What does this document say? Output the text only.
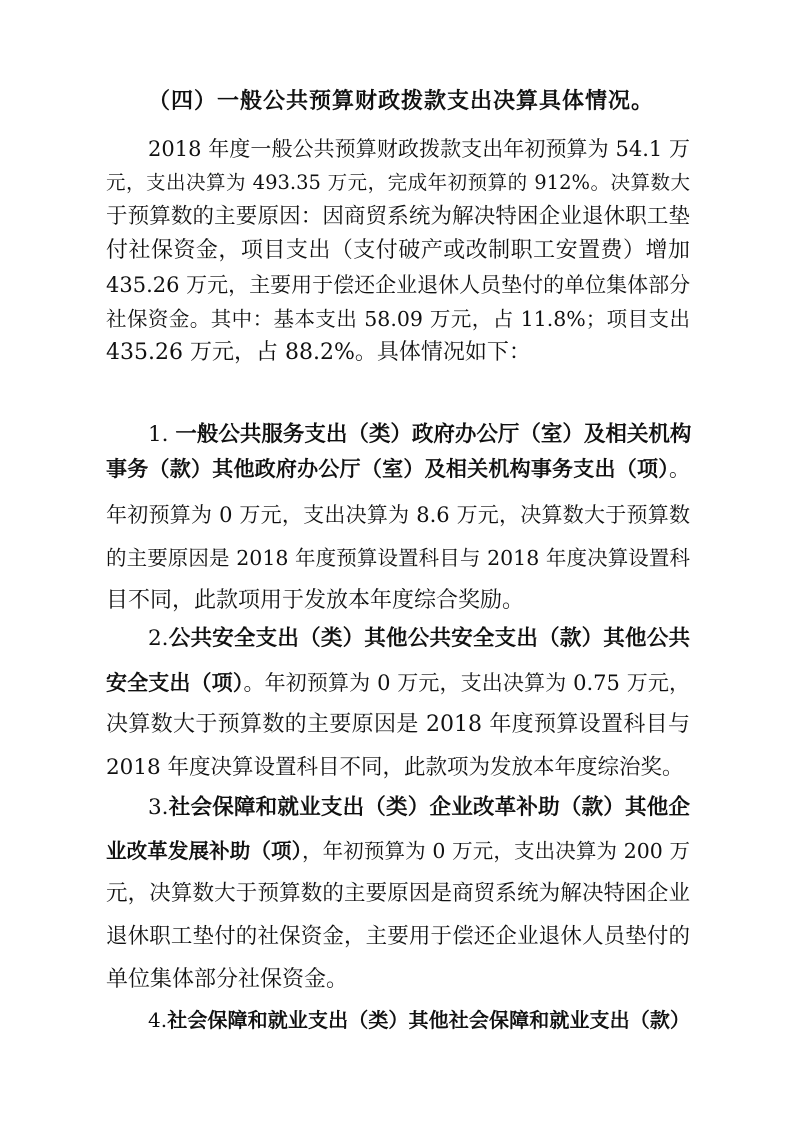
（四）一般公共预算财政拨款支出决算具体情况。
2018 年度一般公共预算财政拨款支出年初预算为 54.1 万
元，支出决算为 493.35 万元，完成年初预算的 912%。决算数大
于预算数的主要原因：因商贸系统为解决特困企业退休职工垫
付社保资金，项目支出（支付破产或改制职工安置费）增加
435.26 万元，主要用于偿还企业退休人员垫付的单位集体部分
社保资金。其中：基本支出 58.09 万元，占 11.8%；项目支出
435.26 万元，占 88.2%。具体情况如下：
1. 一般公共服务支出（类）政府办公厅（室）及相关机构
事务（款）其他政府办公厅（室）及相关机构事务支出（项）。
年初预算为 0 万元，支出决算为 8.6 万元，决算数大于预算数
的主要原因是 2018 年度预算设置科目与 2018 年度决算设置科
目不同，此款项用于发放本年度综合奖励。
2.公共安全支出（类）其他公共安全支出（款）其他公共
安全支出（项）。年初预算为 0 万元，支出决算为 0.75 万元，
决算数大于预算数的主要原因是 2018 年度预算设置科目与
2018 年度决算设置科目不同，此款项为发放本年度综治奖。
3.社会保障和就业支出（类）企业改革补助（款）其他企
业改革发展补助（项），年初预算为 0 万元，支出决算为 200 万
元，决算数大于预算数的主要原因是商贸系统为解决特困企业
退休职工垫付的社保资金，主要用于偿还企业退休人员垫付的
单位集体部分社保资金。
4.社会保障和就业支出（类）其他社会保障和就业支出（款）
